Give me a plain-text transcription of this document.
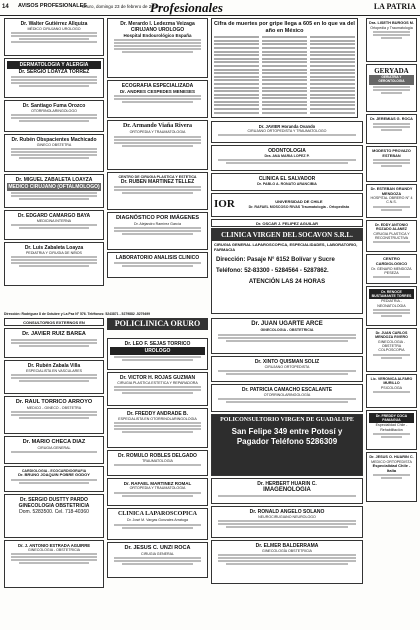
14	AVISOS PROFESIONALES
Oruro, domingo 23 de febrero de 2014
Profesionales	LA PATRIA
Dr. Walter Gutiérrez Allquiza
MÉDICO CIRUJANO UROLOGO
DERMATOLOGIA Y ALERGIA
Dr. SERGIO LOAYZA TORREZ
Dr. Santiago Fuma Orozco
OTORRINOLARINGOLOGO
Dr. Rubén Obspacientes Machicado
GINECO OBSTETRA
Dr. MIGUEL ZABALETA LOAYZA
MEDICO CIRUJANO (OFTALMOLOGO)
Dr. EDGARD CAMARGO BAYA
MEDICINA INTERNA
Dr. Luis Zabaleta Loayza
PEDIATRIA Y CIRUGIA DE NIÑOS
Dr. Merardo I. Ledezma Veizaga
CIRUJANO UROLOGO
Hospital Endourológico España
ECOGRAFIA ESPECIALIZADA
Dr. ANDRES CESPEDES MENESES
Dr. Armando Viaña Rivera
ORTOPEDIA Y TRAUMATOLOGIA
CENTRO DE CIRUGIA PLASTICA Y ESTETICA
Dr. RUBEN MARTINEZ TELLEZ
DIAGNÓSTICO POR IMÁGENES
Dr. Alejandro Ramírez García
LABORATORIO ANALISIS CLINICO
Cifra de muertes por gripe llega a 605 en lo que va del año en México
Dr. JAVIER Horanda Ovando
CIRUJANO ORTOPEDISTA Y TRAUMATOLOGO
ODONTOLOGIA
Dra. ANA MARIA LOPEZ P.
CLINICA EL SALVADOR
Dr. PABLO A. RONATO ARANCIBIA
IOR	UNIVERSIDAD DE CHILE
Dr. RAFAEL MOSCOSO RIVAS Traumatología - Ortopedista
Dr. OSCAR J. FELIPEZ AGUILAR
CLINICA VIRGEN DEL SOCAVON S.R.L.
CIRUGIA GENERAL LAPAROSCOPICA, ESPECIALIDADES, LABORATORIO, FARMACIA
Dirección: Pasaje N° 6152 Bolívar y Sucre
Teléfono: 52-83300 - 5284564 - 5287862.
ATENCIÓN LAS 24 HORAS
CONSULTORIOS EXTERNOS EN
Dr. JAVIER RUIZ BAREA
Dr. Rubén Zabala Villa
ESPECIALISTA EN VASCULARES
Dr. RAUL TORRICO ARROYO
MEDICO - GINECO - OBSTETRA
Dr. MARIO CHECA DIAZ
CIRUGIA GENERAL
CARDIOLOGIA - ECOCARDIOGRAFIA
Dr. BRUNO JOAQUIN POBRE GODOY
Dr. SERGIO DUSTTY PARDO
GINECOLOGIA OBSTETRICIA
Dom. 5283500. Cel. 718-40360
Dr. J. ANTONIO ESTRADA AGUIRRE
GINECOLOGIA - OBSTETRICIA
POLICLINICA ORURO
Dirección: Rodríguez 8 de Octubre y La Paz N° 576. Teléfonos: 5243871 - 5279882 -5279499
Dr. LEO F. SEJAS TORRICO
UROLOGO
Dr. VICTOR H. ROJAS GUZMAN
CIRUGIA PLASTICA ESTETICA Y REPARADORA
Dr. FREDDY ANDRADE B.
ESPECIALISTA EN OTORRINOLARINGOLOGIA
Dr. ROMULO ROBLES DELGADO
TRAUMATOLOGIA
Dr. RAFAEL MARTINEZ ROMAL
ORTOPEDIA Y TRAUMATOLOGIA
CLINICA LAPAROSCOPICA
Dr. José M. Vargas Gonzales Arratuga
Dr. JESUS C. UNZI ROCA
CIRUGIA GENERAL
Dr. JUAN UGARTE ARCE
GINECOLOGIA - OBSTETRICIA
Dr. XINTO QUISMAN SOLIZ
CIRUJANO ORTOPEDISTA
Dr. PATRICIA CAMACHO ESCALANTE
OTORRINOLARINGOLOGÍA
POLICONSULTORIO VIRGEN DE GUADALUPE
San Felipe 349 entre Potosí y Pagador Teléfono 5286309
Dr. HERBERT HUARIN C.
IMAGENOLOGIA
Dr. RONALD ANGELO SOLANO
NEUROCIRUGIANO NEUROLOGO
Dr. ELMER BALDERRAMA
GINECOLOGÍA OBSTETRICIA
Dra. LISETH BURGOS M.
Ortopedia y Traumatología
GERYADA
GERIATRIA Y GERONTOLOGIA
Dr. JEREMIAS G. ROCA
MODESTO PROVAZO ESTEBAN
Dr. ESTEBAN GRANDY MENDOZA
HOSPITAL OBRERO N° 4 C.N.S.
Dr. EDDY ANTONIO ROZADO ALANEZ
CIRUGIA PLASTICA Y RECONSTRUCTIVA
CENTRO CARDIOLOGICO
Dr. GENARO MENDOZA PESEZA
Dr. RENOCE BUSTAMANTE TORRES
PEDIATRIA - NEONATOLOGIA
Dr. JUAN CARLOS MENDOZA RIVERO
GINECOLOGIA - OBSTETRA
COLPOSCOPIA
Lic. VERONICA ALFARO MURILLO
PSICOLOGA
Dr. FREDDY COCA PANIAGUA
Especialidad Chile - Rehabilitación
Dr. JESUS O. HUARIN C.
MEDICO ORTOPEDISTA
Especialidad Chile - Italia
